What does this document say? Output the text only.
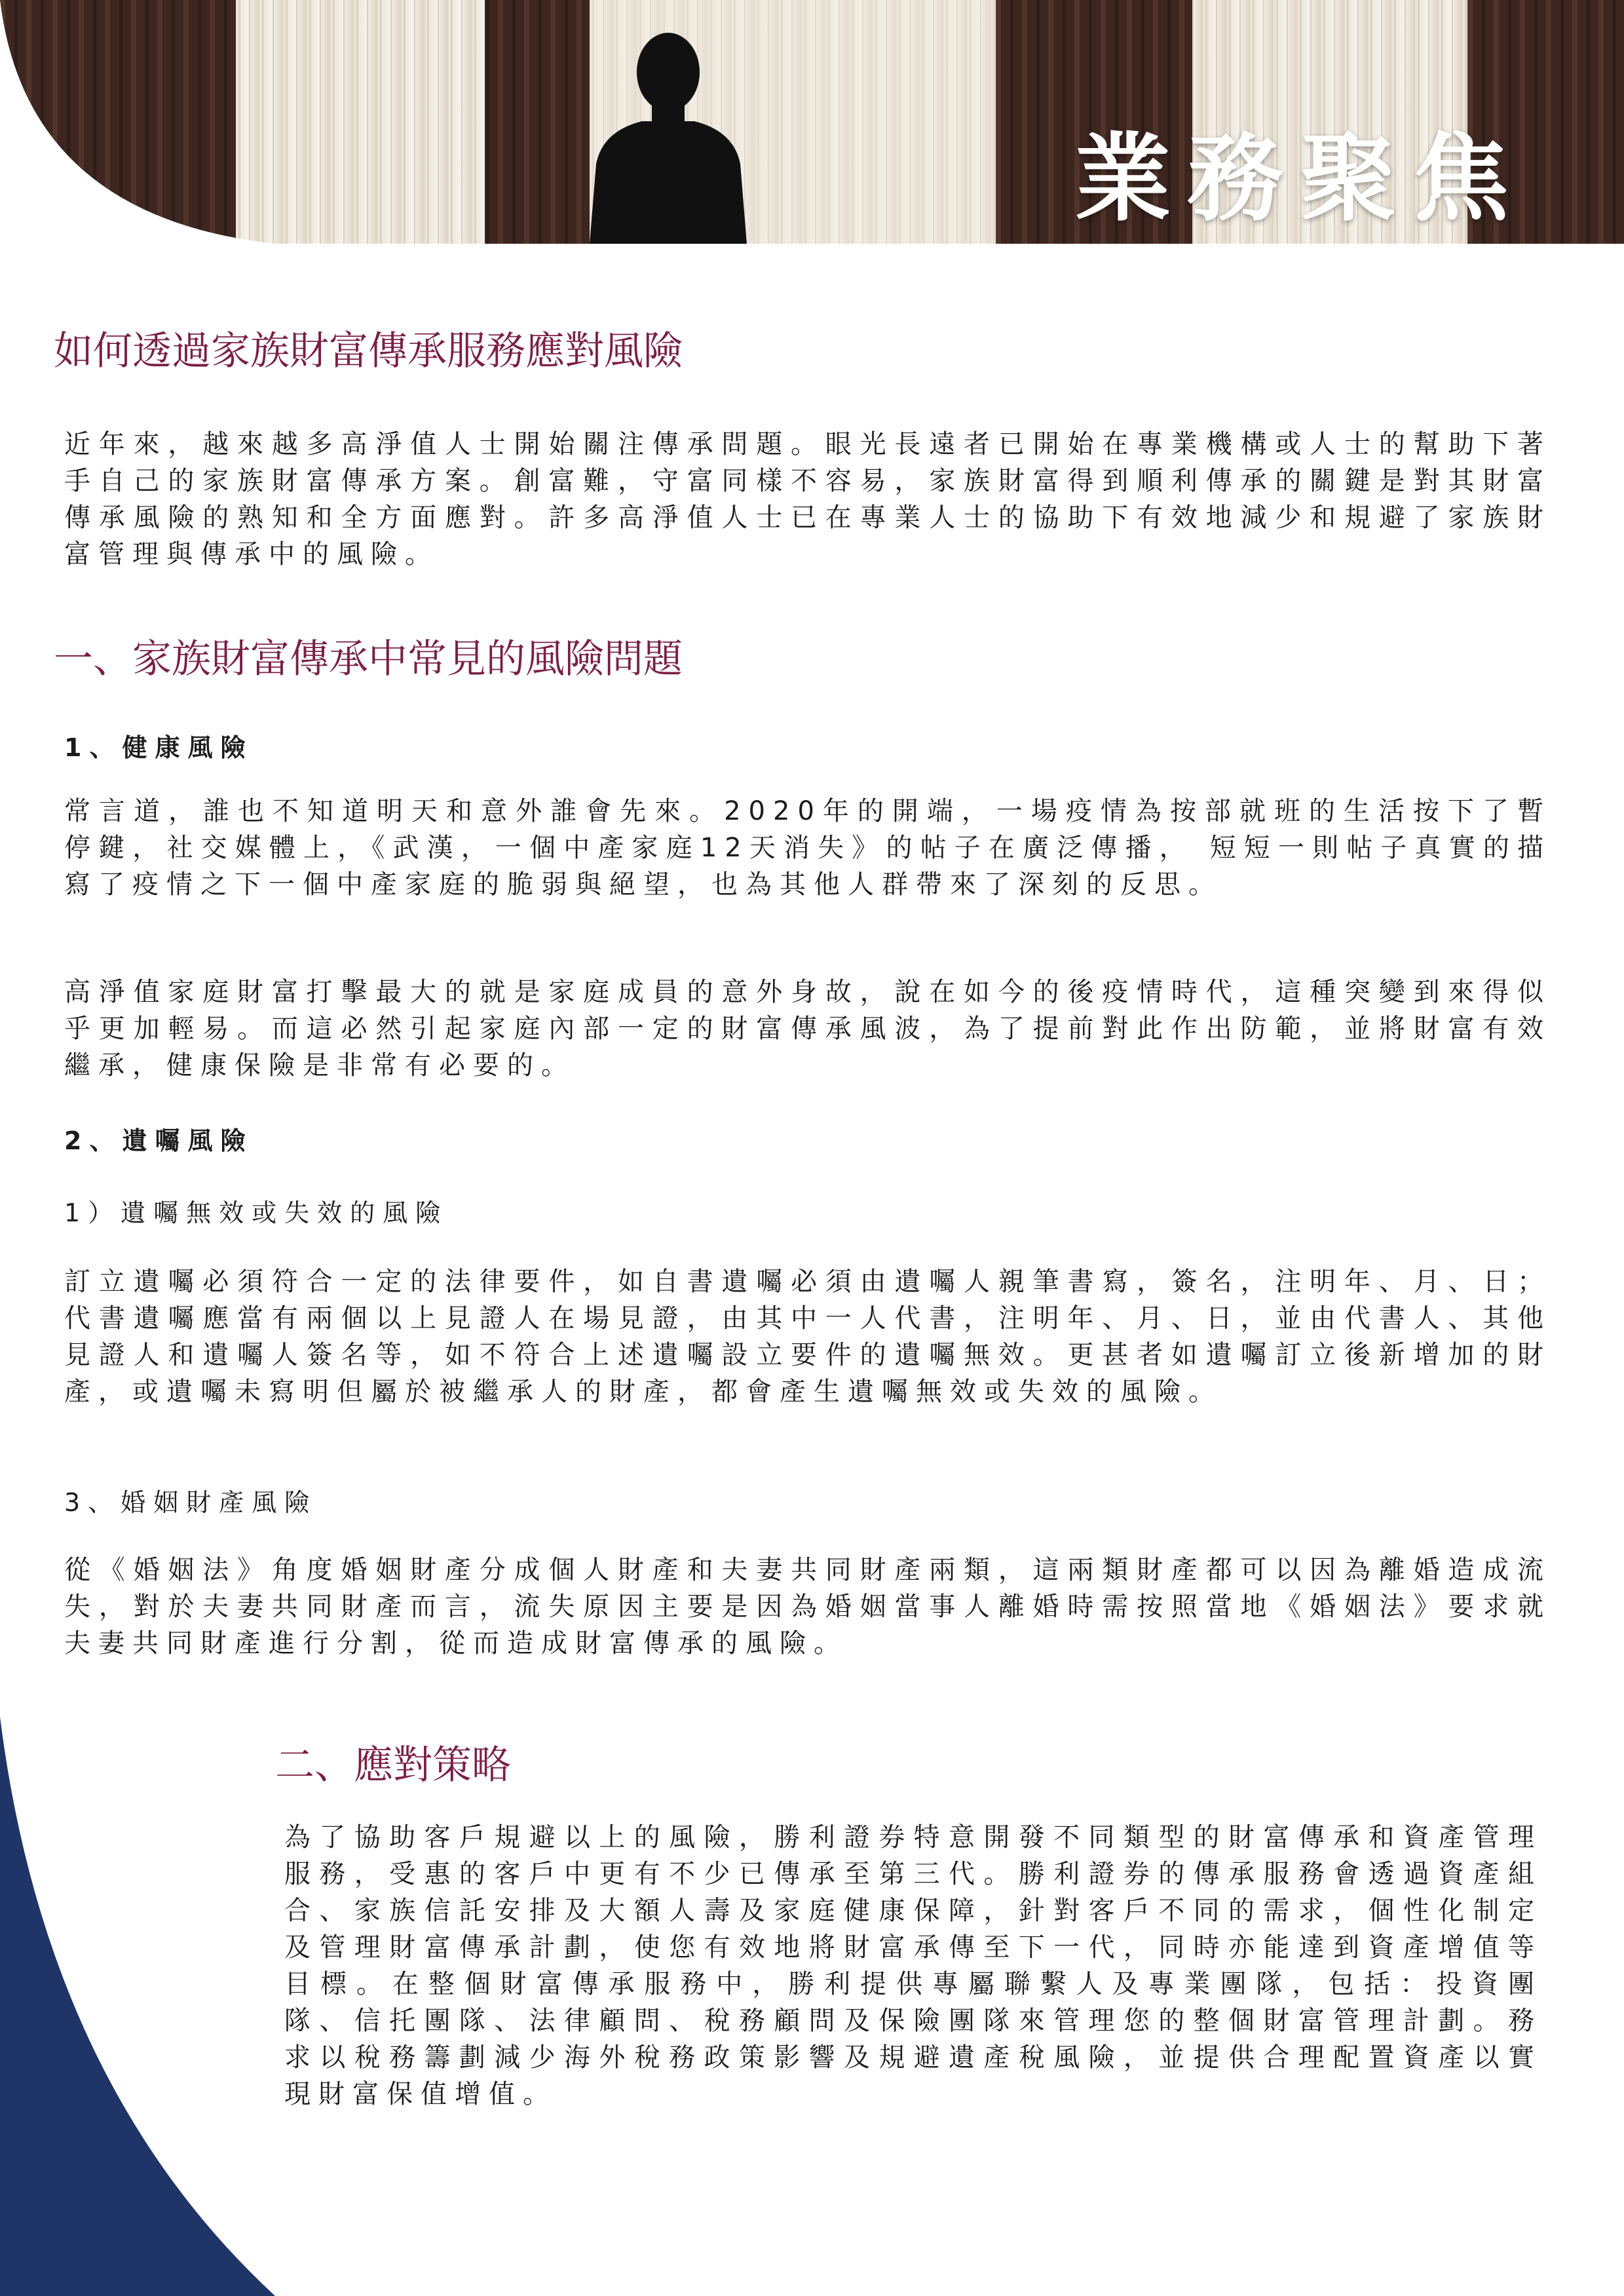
業務聚焦
如何透過家族財富傳承服務應對風險
近年來，越來越多高淨值人士開始關注傳承問題。眼光長遠者已開始在專業機構或人士的幫助下著手自己的家族財富傳承方案。創富難，守富同樣不容易，家族財富得到順利傳承的關鍵是對其財富傳承風險的熟知和全方面應對。許多高淨值人士已在專業人士的協助下有效地減少和規避了家族財富管理與傳承中的風險。
一、家族財富傳承中常見的風險問題
1、健康風險
常言道，誰也不知道明天和意外誰會先來。2020年的開端，一場疫情為按部就班的生活按下了暫停鍵，社交媒體上，《武漢，一個中產家庭12天消失》的帖子在廣泛傳播， 短短一則帖子真實的描寫了疫情之下一個中產家庭的脆弱與絕望，也為其他人群帶來了深刻的反思。
高淨值家庭財富打擊最大的就是家庭成員的意外身故，說在如今的後疫情時代，這種突變到來得似乎更加輕易。而這必然引起家庭內部一定的財富傳承風波，為了提前對此作出防範，並將財富有效繼承，健康保險是非常有必要的。
2、遺囑風險
1）遺囑無效或失效的風險
訂立遺囑必須符合一定的法律要件，如自書遺囑必須由遺囑人親筆書寫，簽名，注明年、月、日；代書遺囑應當有兩個以上見證人在場見證，由其中一人代書，注明年、月、日，並由代書人、其他見證人和遺囑人簽名等，如不符合上述遺囑設立要件的遺囑無效。更甚者如遺囑訂立後新增加的財產，或遺囑未寫明但屬於被繼承人的財產，都會產生遺囑無效或失效的風險。
3、婚姻財產風險
從《婚姻法》角度婚姻財產分成個人財產和夫妻共同財產兩類，這兩類財產都可以因為離婚造成流失，對於夫妻共同財產而言，流失原因主要是因為婚姻當事人離婚時需按照當地《婚姻法》要求就夫妻共同財產進行分割，從而造成財富傳承的風險。
二、應對策略
為了協助客戶規避以上的風險，勝利證券特意開發不同類型的財富傳承和資產管理服務，受惠的客戶中更有不少已傳承至第三代。勝利證券的傳承服務會透過資產組合、家族信託安排及大額人壽及家庭健康保障，針對客戶不同的需求，個性化制定及管理財富傳承計劃，使您有效地將財富承傳至下一代，同時亦能達到資產增值等目標。在整個財富傳承服務中，勝利提供專屬聯繫人及專業團隊，包括：投資團隊、信托團隊、法律顧問、稅務顧問及保險團隊來管理您的整個財富管理計劃。務求以稅務籌劃減少海外稅務政策影響及規避遺產稅風險，並提供合理配置資產以實現財富保值增值。
